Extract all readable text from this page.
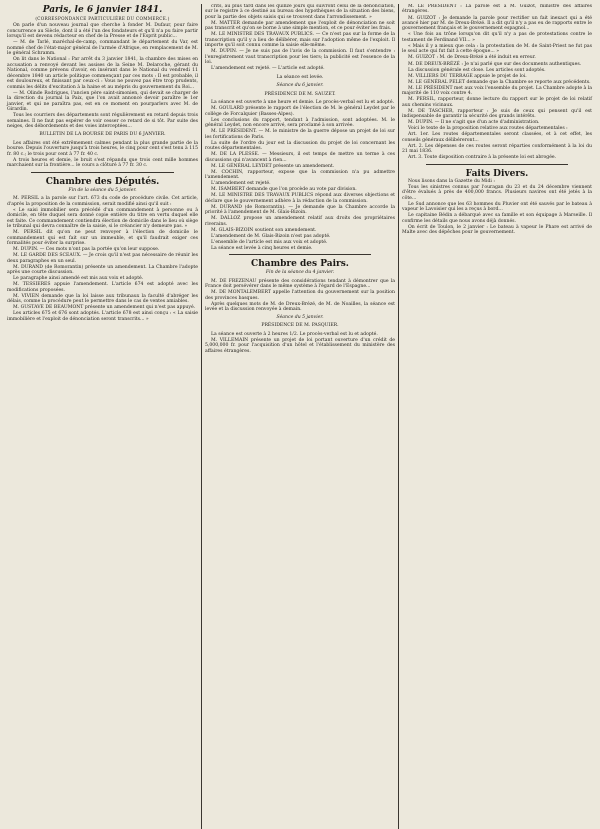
Paris, le 6 janvier 1841.
(CORRESPONDANCE PARTICULIÈRE DU COMMERCE.)

On parle d'un nouveau journal que cherche à fonder M. Dufaur, pour faire concurrence au Siècle, dont il a été l'un des fondateurs et qu'il n'a pu faire partir lorsqu'il est devenu rédacteur en chef de la Presse et de l'Esprit public...

— M. de Tarlé, maréchal-de-camp, commandant le département du Var, est nommé chef de l'état-major général de l'armée d'Afrique, en remplacement de M. le général Schramm.

On lit dans le National : Par arrêt du 3 janvier 1841, la chambre des mises en accusation a renvoyé devant les assises de la Seine M. Delaroche, gérant du National, comme prévenu d'avoir, en insérant dans le National du vendredi 11 décembre 1840 un article politique commençant par ces mots : Il est probable, il est douloureux, et finissant par ceux-ci : Vous ne pouvez pas être trop prudents, commis les délits d'excitation à la haine et au mépris du gouvernement du Roi...

— M. Olinde Rodrigues, l'ancien père saint-simonien, qui devait se charger de la direction du journal la Paix, que l'on avait annoncé devoir paraître le 1er janvier, et qui ne paraîtra pas, est en ce moment en pourparlers avec M. de Girardin.

Tous les courriers des départements sont régulièrement en retard depuis trois semaines. Il ne faut pas espérer de voir cesser ce retard de si tôt. Par suite des neiges, des débordements et des voies interceptées...

BULLETIN DE LA BOURSE DE PARIS DU 6 JANVIER.

Les affaires ont été extrêmement calmes pendant la plus grande partie de la bourse. Depuis l'ouverture jusqu'à trois heures, le cinq pour cent s'est tenu à 115 fr. 80 c.; le trois pour cent à 77 fr. 40 c.

A trois heures et demie, le bruit s'est répandu que trois cent mille hommes marchaient sur la frontière... le cours a clôturé à 77 fr. 30 c.

Chambre des Députés.
Fin de la séance du 5 janvier.

M. PERSIL a la parole sur l'art. 673 du code de procédure civile. Cet article, d'après la proposition de la commission, serait modifié ainsi qu'il suit :

« Le saisi immobilier sera précédé d'un commandement à personne ou à domicile, en tête duquel sera donné copie entière du titre en vertu duquel elle est faite. Ce commandement contiendra élection de domicile dans le lieu où siège le tribunal qui devra connaître de la saisie, si le créancier n'y demeure pas. »

M. PERSIL dit qu'on ne peut renvoyer à l'élection de domicile le commandement qui est fait sur un immeuble, et qu'il faudrait exiger ces formalités pour éviter la surprise.

M. DUPIN. — Ces mots n'ont pas la portée qu'on leur suppose.

M. LE GARDE DES SCEAUX. — Je crois qu'il n'est pas nécessaire de réunir les deux paragraphes en un seul.

M. DURAND (de Romorantin) présente un amendement. La Chambre l'adopte après une courte discussion.

Le paragraphe ainsi amendé est mis aux voix et adopté.

M. TESSIERES appuie l'amendement. L'article 674 est adopté avec les modifications proposées.

M. VIVIEN demande que la loi laisse aux tribunaux la faculté d'abréger les délais, comme la procédure peut le permettre dans le cas de ventes amiables.

M. GUSTAVE DE BEAUMONT présente un amendement qui n'est pas appuyé.

Les articles 675 et 676 sont adoptés. L'article 678 est ainsi conçu : « La saisie immobilière et l'exploit de dénonciation seront transcrits... »

crits, au plus tard dans les quinze jours qui suivront celui de la dénonciation, sur le registre à ce destiné au bureau des hypothèques de la situation des biens, pour la partie des objets saisis qui se trouvent dans l'arrondissement. »

M. MATTER demande par amendement que l'exploit de dénonciation ne soit pas transcrit et qu'on se borne à une simple mention, et ce pour éviter les frais.

M. LE MINISTRE DES TRAVAUX PUBLICS. — Ce n'est pas sur la forme de la transcription qu'il y a lieu de délibérer, mais sur l'adoption même de l'exploit. Il importe qu'il soit connu comme la saisie elle-même.

M. DUPIN. — Je ne suis pas de l'avis de la commission. Il faut s'entendre : l'enregistrement vaut transcription pour les tiers; la publicité est l'essence de la loi.

L'amendement est rejeté. — L'article est adopté.

La séance est levée.

Séance du 6 janvier.

PRÉSIDENCE DE M. SAUZET.

La séance est ouverte à une heure et demie. Le procès-verbal est lu et adopté.

M. GOULARD présente le rapport de l'élection de M. le général Leydet par le collège de Forcalquier (Basses-Alpes).

Les conclusions du rapport, tendant à l'admission, sont adoptées. M. le général Leydet, non encore arrivé, sera proclamé à son arrivée.

M. LE PRÉSIDENT. — M. le ministre de la guerre dépose un projet de loi sur les fortifications de Paris.

La suite de l'ordre du jour est la discussion du projet de loi concernant les routes départementales.

M. DE LA PLESSE. — Messieurs, il est temps de mettre un terme à ces discussions qui n'avancent à rien...

M. LE GÉNÉRAL LEYDET présente un amendement.

M. COCHIN, rapporteur, expose que la commission n'a pu admettre l'amendement.

L'amendement est rejeté.

M. ISAMBERT demande que l'on procède au vote par division.

M. LE MINISTRE DES TRAVAUX PUBLICS répond aux diverses objections et déclare que le gouvernement adhère à la rédaction de la commission.

M. DURAND (de Romorantin). — Je demande que la Chambre accorde la priorité à l'amendement de M. Glais-Bizoin.

M. DALLOZ propose un amendement relatif aux droits des propriétaires riverains.

M. GLAIS-BIZOIN soutient son amendement.

L'amendement de M. Glais-Bizoin n'est pas adopté.

L'ensemble de l'article est mis aux voix et adopté.

La séance est levée à cinq heures et demie.

Chambre des Pairs.
Fin de la séance du 4 janvier.

M. DE FREZENAU présente des considérations tendant à démontrer que la France doit persévérer dans le même système à l'égard de l'Espagne...

M. DE MONTALEMBERT appelle l'attention du gouvernement sur la position des provinces basques.

Après quelques mots de M. de Dreux-Brézé, de M. de Noailles, la séance est levée et la discussion renvoyée à demain.

Séance du 5 janvier.

PRÉSIDENCE DE M. PASQUIER.

La séance est ouverte à 2 heures 1/2. Le procès-verbal est lu et adopté.

M. VILLEMAIN présente un projet de loi portant ouverture d'un crédit de 5,000,000 fr. pour l'acquisition d'un hôtel et l'établissement du ministère des affaires étrangères.

M. LE PRÉSIDENT : La parole est à M. Guizot, ministre des affaires étrangères.

M. GUIZOT : Je demande la parole pour rectifier un fait inexact qui a été avancé hier par M. de Dreux-Brézé. Il a dit qu'il n'y a pas eu de rapports entre le gouvernement français et le gouvernement espagnol...

« Une fois au trône lorsqu'on dit qu'il n'y a pas de protestations contre le testament de Ferdinand VII... »

« Mais il y a mieux que cela : la protestation de M. de Saint-Priest ne fut pas le seul acte qui fut fait à cette époque... »

M. GUIZOT : M. de Dreux-Brézé a été induit en erreur.

M. DE DREUX-BRÉZÉ : Je n'ai parlé que sur des documents authentiques.

La discussion générale est close. Les articles sont adoptés.

M. VILLIERS DU TERRAGE appuie le projet de loi.

M. LE GÉNÉRAL PELET demande que la Chambre se reporte aux précédents.

M. LE PRÉSIDENT met aux voix l'ensemble du projet. La Chambre adopte à la majorité de 110 voix contre 4.

M. PERSIL, rapporteur, donne lecture du rapport sur le projet de loi relatif aux chemins vicinaux.

M. DE TASCHER, rapporteur : Je suis de ceux qui pensent qu'il est indispensable de garantir la sécurité des grands intérêts.

M. DUPIN. — Il ne s'agit que d'un acte d'administration.

Voici le texte de la proposition relative aux routes départementales :

Art. 1er. Les routes départementales seront classées, et à cet effet, les conseils généraux délibéreront...

Art. 2. Les dépenses de ces routes seront réparties conformément à la loi du 21 mai 1836.

Art. 3. Toute disposition contraire à la présente loi est abrogée.

Faits Divers.

Nous lisons dans la Gazette du Midi :

Tous les sinistres connus par l'ouragan du 23 et du 24 décembre viennent d'être évalués à près de 400,000 francs. Plusieurs navires ont été jetés à la côte...

Le Sud annonce que les 63 hommes du Pluvier ont été sauvés par le bateau à vapeur le Lavoisier qui les a reçus à bord...

Le capitaine Bédin a débarqué avec sa famille et son équipage à Marseille. Il confirme les détails que nous avons déjà donnés.

On écrit de Toulon, le 2 janvier : Le bateau à vapeur le Phare est arrivé de Malte avec des dépêches pour le gouvernement.
